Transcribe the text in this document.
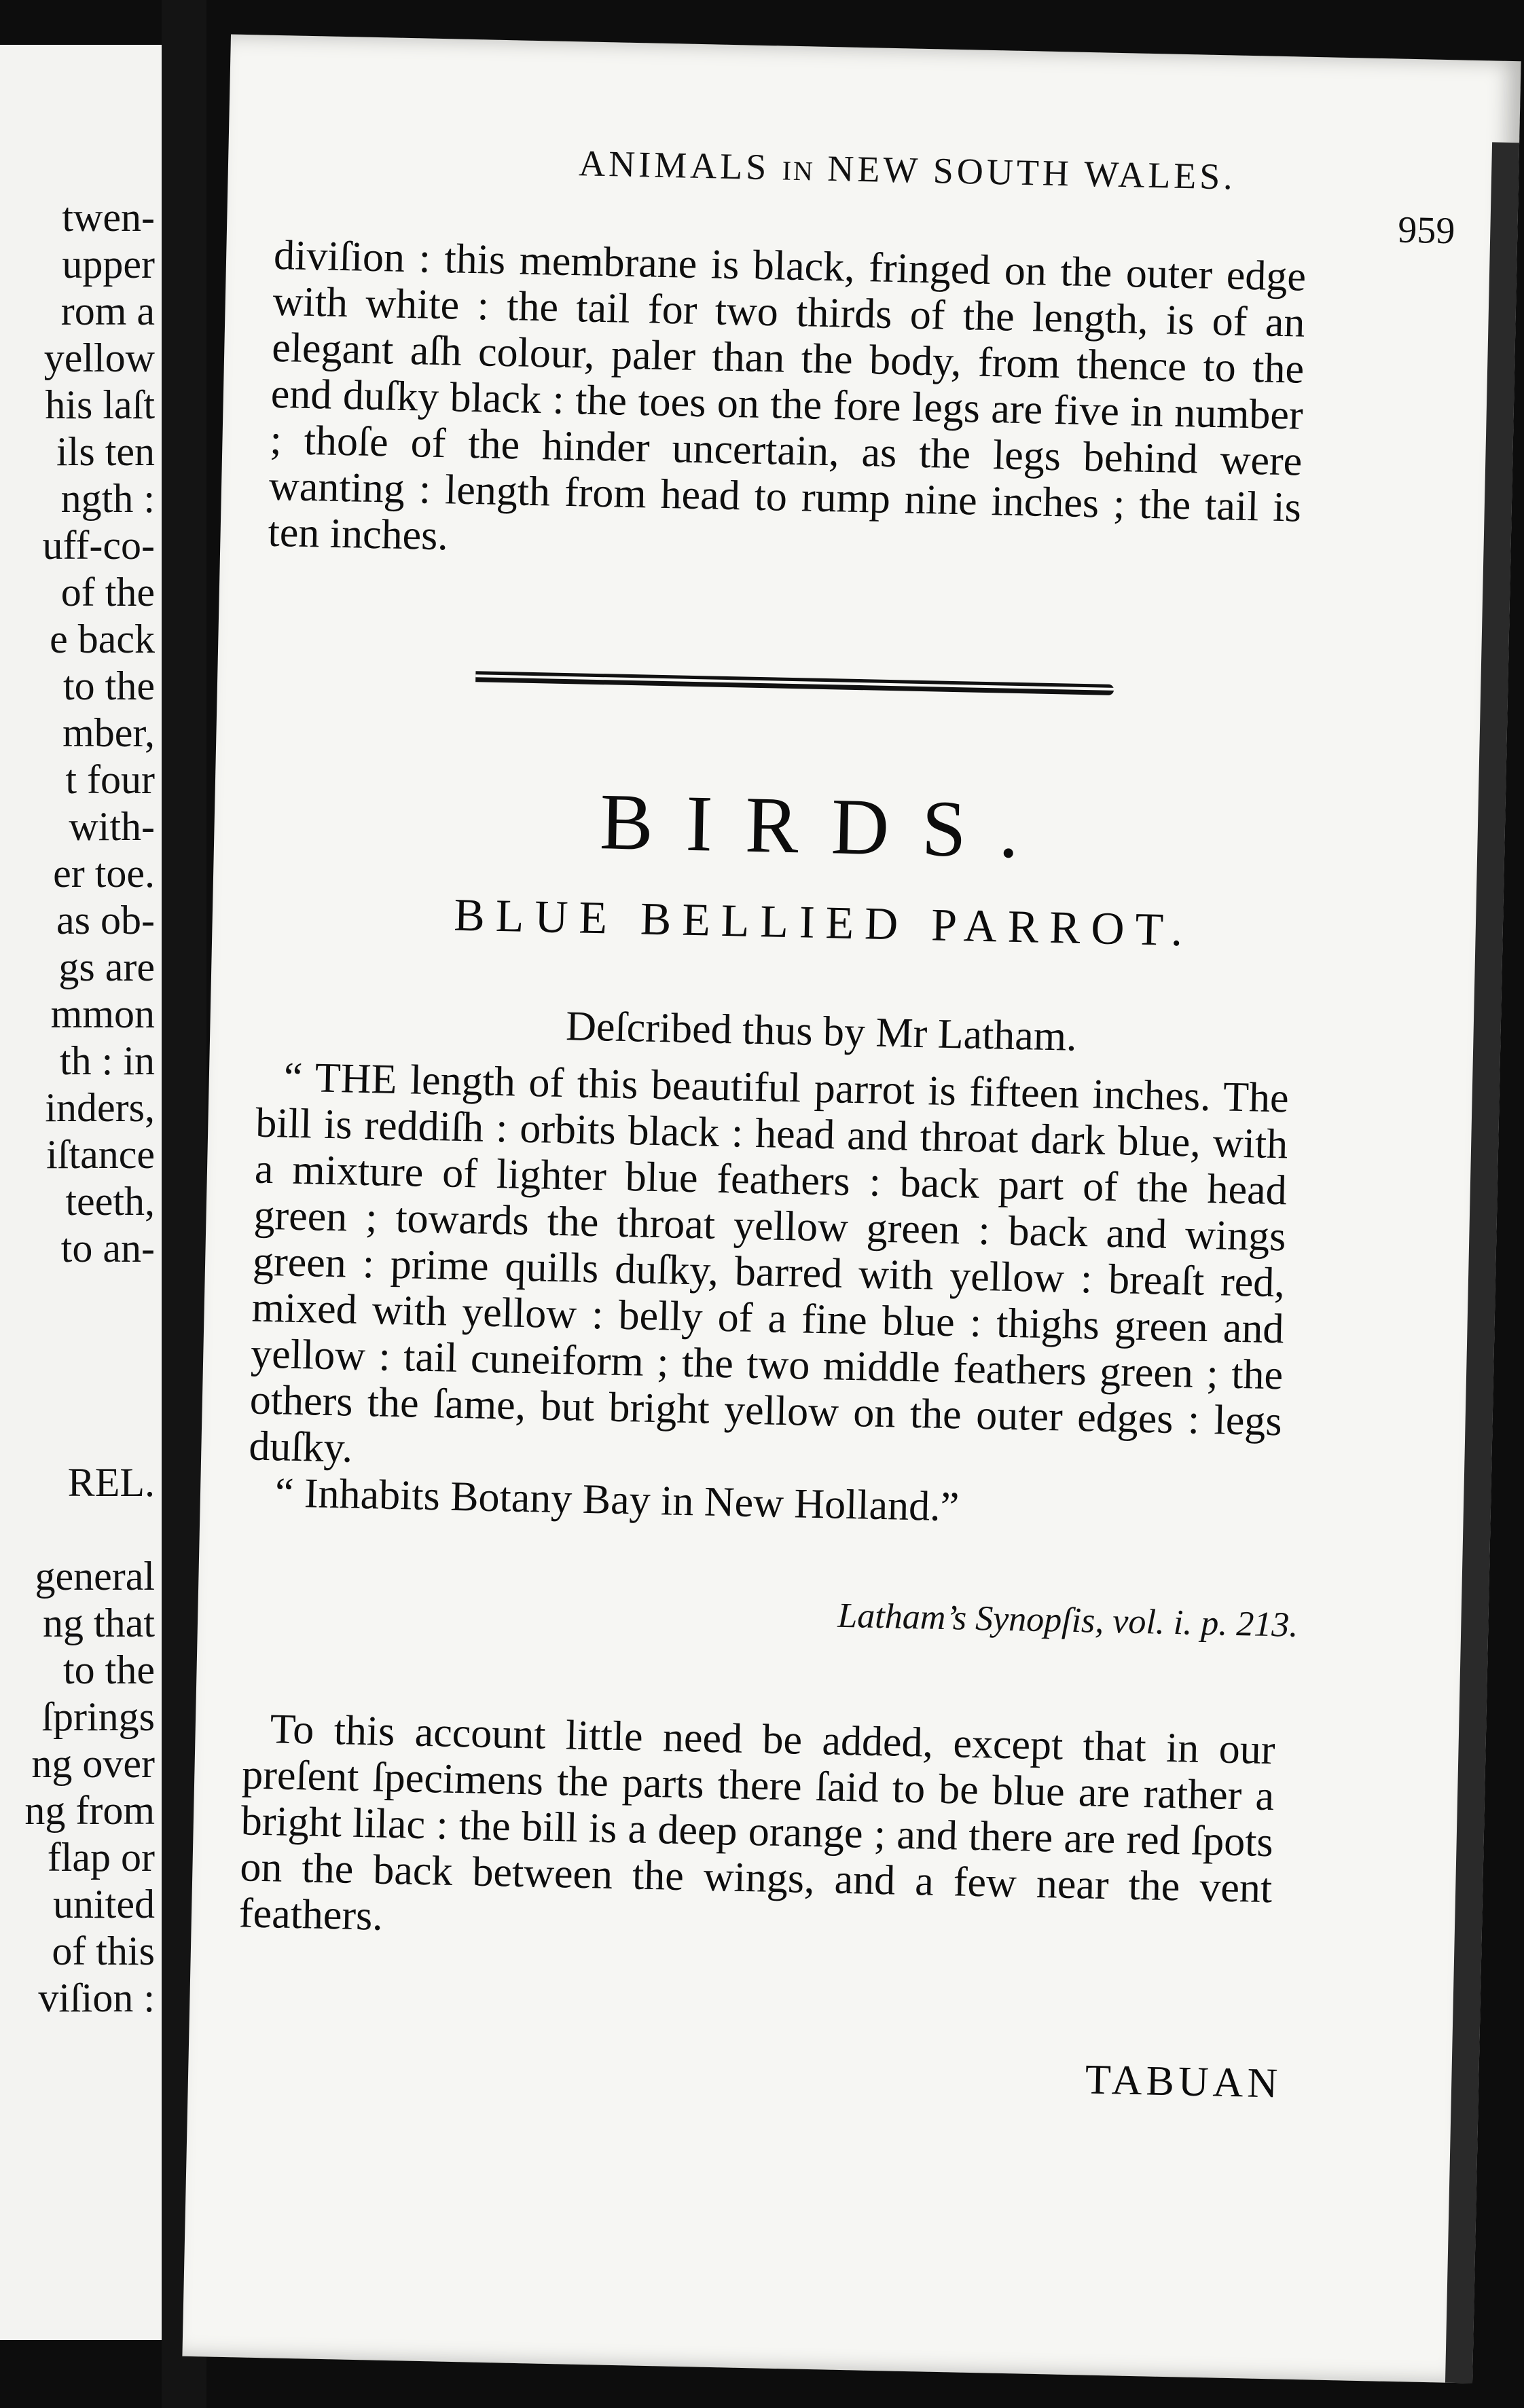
twen-
upper
rom a
yellow
his laſt
ils ten
ngth :
uff-co-
of the
e back
to the
mber,
t four
with-
er toe.
as ob-
gs are
mmon
th : in
inders,
iſtance
teeth,
to an-
REL.
general
ng that
to the
ſprings
ng over
ng from
flap or
united
of this
viſion :
ANIMALS IN NEW SOUTH WALES.
959

diviſion : this membrane is black, fringed on the outer edge with white : the tail for two thirds of the length, is of an elegant aſh colour, paler than the body, from thence to the end duſky black : the toes on the fore legs are five in number ; thoſe of the hinder uncertain, as the legs behind were wanting : length from head to rump nine inches ; the tail is ten inches.

BIRDS.
BLUE BELLIED PARROT.
Deſcribed thus by Mr Latham.

“ THE length of this beautiful parrot is fifteen inches. The bill is reddiſh : orbits black : head and throat dark blue, with a mixture of lighter blue feathers : back part of the head green ; towards the throat yellow green : back and wings green : prime quills duſky, barred with yellow : breaſt red, mixed with yellow : belly of a fine blue : thighs green and yellow : tail cuneiform ; the two middle feathers green ; the others the ſame, but bright yellow on the outer edges : legs duſky.

“ Inhabits Botany Bay in New Holland.”

Latham’s Synopſis, vol. i. p. 213.

To this account little need be added, except that in our preſent ſpecimens the parts there ſaid to be blue are rather a bright lilac : the bill is a deep orange ; and there are red ſpots on the back between the wings, and a few near the vent feathers.

TABUAN
